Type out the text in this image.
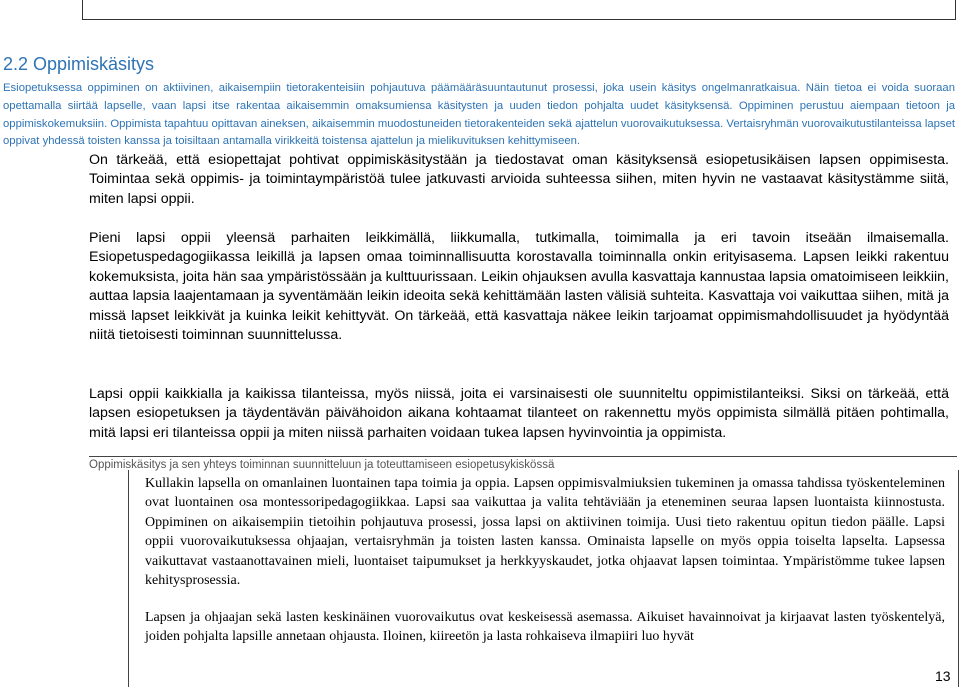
2.2 Oppimiskäsitys

Esiopetuksessa oppiminen on aktiivinen, aikaisempiin tietorakenteisiin pohjautuva päämääräsuuntautunut prosessi, joka usein käsitys ongelmanratkaisua. Näin tietoa ei voida suoraan opettamalla siirtää lapselle, vaan lapsi itse rakentaa aikaisemmin omaksumiensa käsitysten ja uuden tiedon pohjalta uudet käsityksensä. Oppiminen perustuu aiempaan tietoon ja oppimiskokemuksiin. Oppimista tapahtuu opittavan aineksen, aikaisemmin muodostuneiden tietorakenteiden sekä ajattelun vuorovaikutuksessa. Vertaisryhmän vuorovaikutustilanteissa lapset oppivat yhdessä toisten kanssa ja toisiltaan antamalla virikkeitä toistensa ajattelun ja mielikuvituksen kehittymiseen.

On tärkeää, että esiopettajat pohtivat oppimiskäsitystään ja tiedostavat oman käsityksensä esiopetusikäisen lapsen oppimisesta. Toimintaa sekä oppimis- ja toimintaympäristöä tulee jatkuvasti arvioida suhteessa siihen, miten hyvin ne vastaavat käsitystämme siitä, miten lapsi oppii.

Pieni lapsi oppii yleensä parhaiten leikkimällä, liikkumalla, tutkimalla, toimimalla ja eri tavoin itseään ilmaisemalla. Esiopetuspedagogiikassa leikillä ja lapsen omaa toiminnallisuutta korostavalla toiminnalla onkin erityisasema. Lapsen leikki rakentuu kokemuksista, joita hän saa ympäristössään ja kulttuurissaan. Leikin ohjauksen avulla kasvattaja kannustaa lapsia omatoimiseen leikkiin, auttaa lapsia laajentamaan ja syventämään leikin ideoita sekä kehittämään lasten välisiä suhteita. Kasvattaja voi vaikuttaa siihen, mitä ja missä lapset leikkivät ja kuinka leikit kehittyvät. On tärkeää, että kasvattaja näkee leikin tarjoamat oppimismahdollisuudet ja hyödyntää niitä tietoisesti toiminnan suunnittelussa.

Lapsi oppii kaikkialla ja kaikissa tilanteissa, myös niissä, joita ei varsinaisesti ole suunniteltu oppimistilanteiksi. Siksi on tärkeää, että lapsen esiopetuksen ja täydentävän päivähoidon aikana kohtaamat tilanteet on rakennettu myös oppimista silmällä pitäen pohtimalla, mitä lapsi eri tilanteissa oppii ja miten niissä parhaiten voidaan tukea lapsen hyvinvointia ja oppimista.

Oppimiskäsitys ja sen yhteys toiminnan suunnitteluun ja toteuttamiseen esiopetusykiskössä

Kullakin lapsella on omanlainen luontainen tapa toimia ja oppia. Lapsen oppimisvalmiuksien tukeminen ja omassa tahdissa työskenteleminen ovat luontainen osa montessoripedagogiikkaa. Lapsi saa vaikuttaa ja valita tehtäviään ja eteneminen seuraa lapsen luontaista kiinnostusta. Oppiminen on aikaisempiin tietoihin pohjautuva prosessi, jossa lapsi on aktiivinen toimija. Uusi tieto rakentuu opitun tiedon päälle. Lapsi oppii vuorovaikutuksessa ohjaajan, vertaisryhmän ja toisten lasten kanssa. Ominaista lapselle on myös oppia toiselta lapselta. Lapsessa vaikuttavat vastaanottavainen mieli, luontaiset taipumukset ja herkkyyskaudet, jotka ohjaavat lapsen toimintaa. Ympäristömme tukee lapsen kehitysprosessia.

Lapsen ja ohjaajan sekä lasten keskinäinen vuorovaikutus ovat keskeisessä asemassa. Aikuiset havainnoivat ja kirjaavat lasten työskentelyä, joiden pohjalta lapsille annetaan ohjausta. Iloinen, kiireetön ja lasta rohkaiseva ilmapiiri luo hyvät

13
